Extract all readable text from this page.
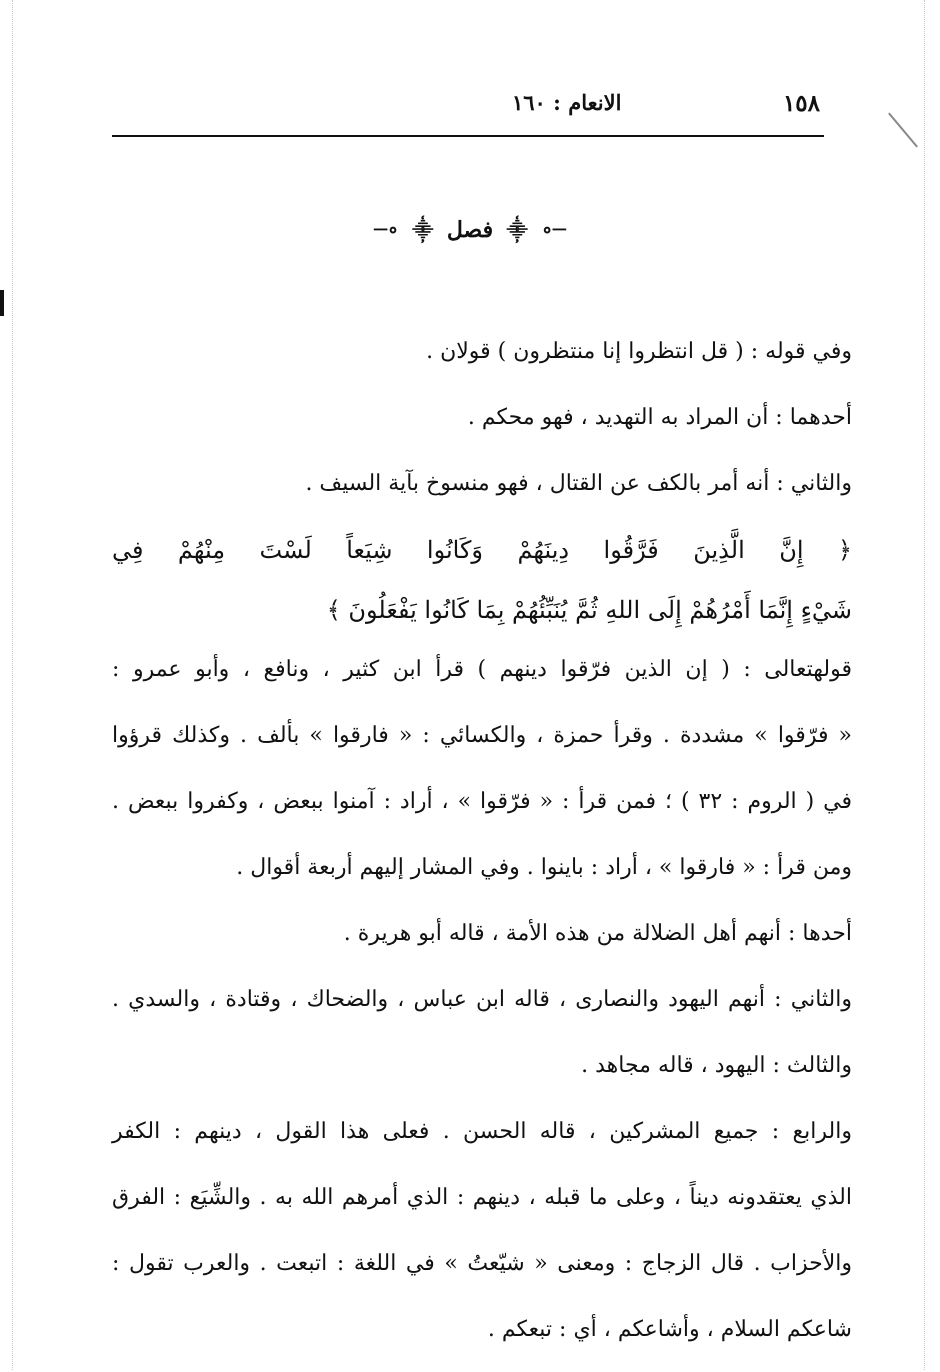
الانعام : ١٦٠	١٥٨
─∘ ⸎ فصل ⸎ ∘─
وفي قوله : ( قل انتظروا إنا منتظرون ) قولان .
أحدهما : أن المراد به التهديد ، فهو محكم .
والثاني : أنه أمر بالكف عن القتال ، فهو منسوخ بآية السيف .
﴿ إِنَّ الَّذِينَ فَرَّقُوا دِينَهُمْ وَكَانُوا شِيَعاً لَسْتَ مِنْهُمْ فِي
شَيْءٍ إِنَّمَا أَمْرُهُمْ إِلَى اللهِ ثُمَّ يُنَبِّئُهُمْ بِمَا كَانُوا يَفْعَلُونَ ﴾
قولهتعالى : ( إن الذين فرّقوا دينهم ) قرأ ابن كثير ، ونافع ، وأبو عمرو :
« فرّقوا » مشددة . وقرأ حمزة ، والكسائي : « فارقوا » بألف . وكذلك قرؤوا
في ( الروم : ٣٢ ) ؛ فمن قرأ : « فرّقوا » ، أراد : آمنوا ببعض ، وكفروا ببعض .
ومن قرأ : « فارقوا » ، أراد : باينوا . وفي المشار إليهم أربعة أقوال .
أحدها : أنهم أهل الضلالة من هذه الأمة ، قاله أبو هريرة .
والثاني : أنهم اليهود والنصارى ، قاله ابن عباس ، والضحاك ، وقتادة ، والسدي .
والثالث : اليهود ، قاله مجاهد .
والرابع : جميع المشركين ، قاله الحسن . فعلى هذا القول ، دينهم : الكفر
الذي يعتقدونه ديناً ، وعلى ما قبله ، دينهم : الذي أمرهم الله به . والشِّيَع : الفرق
والأحزاب . قال الزجاج : ومعنى « شيّعتُ » في اللغة : اتبعت . والعرب تقول :
شاعكم السلام ، وأشاعكم ، أي : تبعكم .
